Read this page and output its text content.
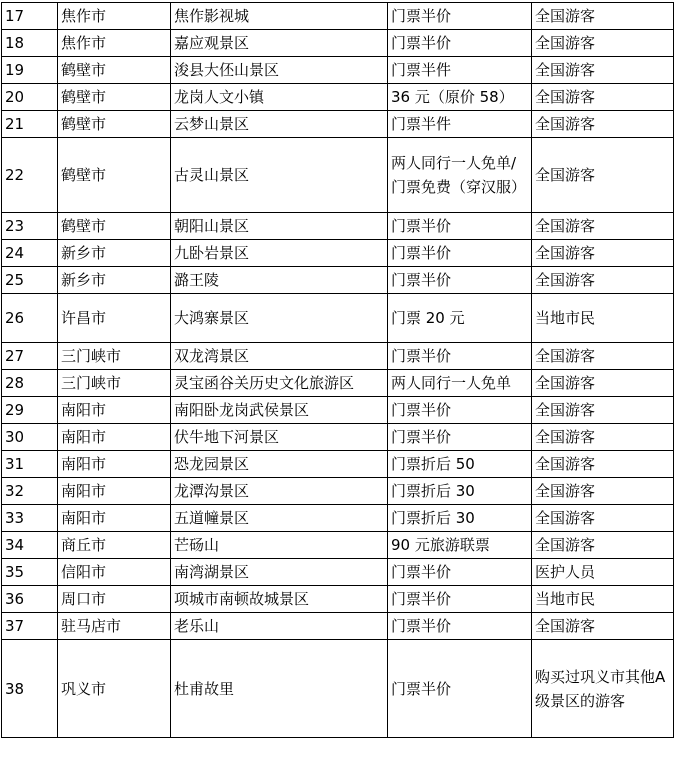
17	焦作市	焦作影视城	门票半价	全国游客
18	焦作市	嘉应观景区	门票半价	全国游客
19	鹤壁市	浚县大伾山景区	门票半件	全国游客
20	鹤壁市	龙岗人文小镇	36 元（原价 58）	全国游客
21	鹤壁市	云梦山景区	门票半件	全国游客
22	鹤壁市	古灵山景区	两人同行一人免单/门票免费（穿汉服）	全国游客
23	鹤壁市	朝阳山景区	门票半价	全国游客
24	新乡市	九卧岩景区	门票半价	全国游客
25	新乡市	潞王陵	门票半价	全国游客
26	许昌市	大鸿寨景区	门票 20 元	当地市民
27	三门峡市	双龙湾景区	门票半价	全国游客
28	三门峡市	灵宝函谷关历史文化旅游区	两人同行一人免单	全国游客
29	南阳市	南阳卧龙岗武侯景区	门票半价	全国游客
30	南阳市	伏牛地下河景区	门票半价	全国游客
31	南阳市	恐龙园景区	门票折后 50	全国游客
32	南阳市	龙潭沟景区	门票折后 30	全国游客
33	南阳市	五道幢景区	门票折后 30	全国游客
34	商丘市	芒砀山	90 元旅游联票	全国游客
35	信阳市	南湾湖景区	门票半价	医护人员
36	周口市	项城市南顿故城景区	门票半价	当地市民
37	驻马店市	老乐山	门票半价	全国游客
38	巩义市	杜甫故里	门票半价	购买过巩义市其他A级景区的游客
